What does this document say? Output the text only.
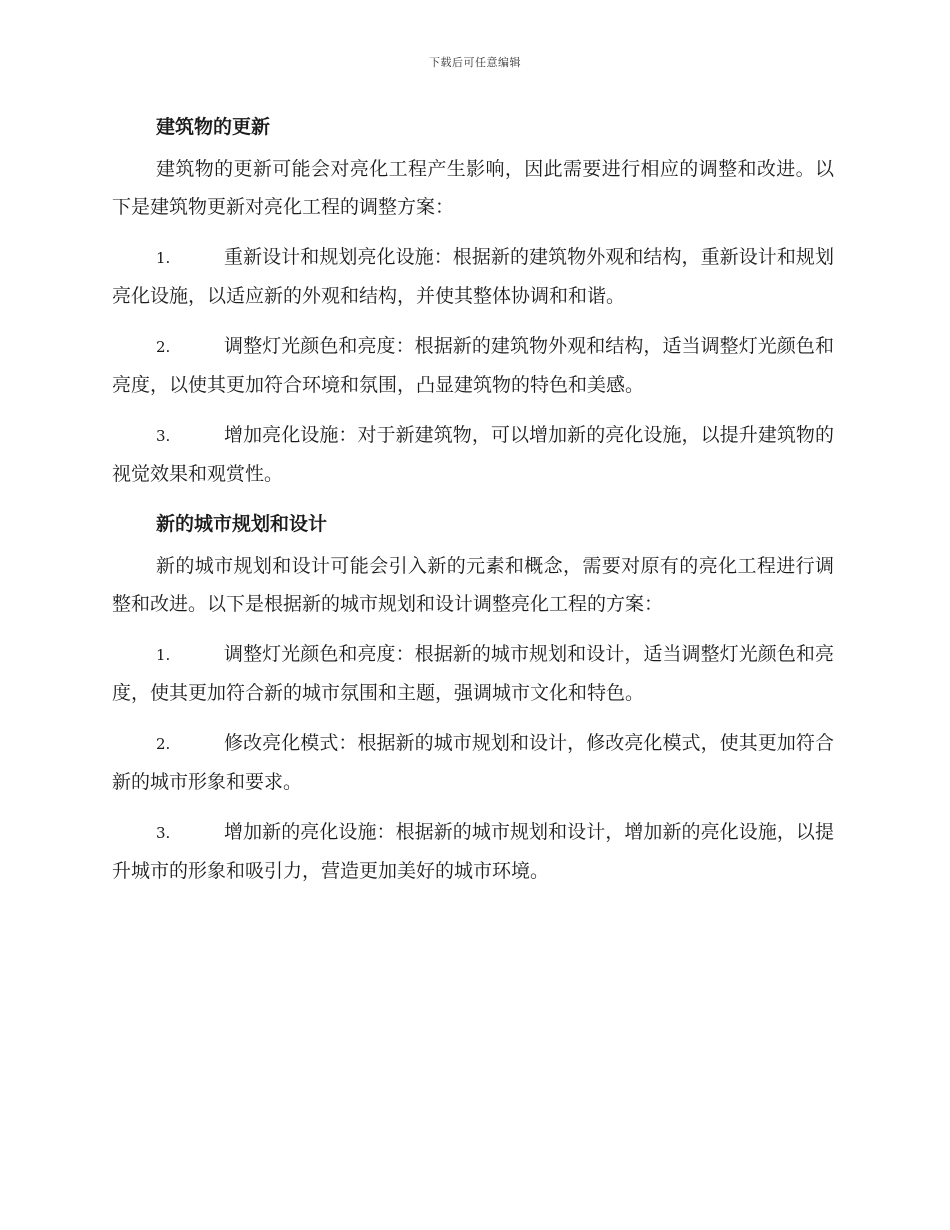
下载后可任意编辑

建筑物的更新

建筑物的更新可能会对亮化工程产生影响，因此需要进行相应的调整和改进。以下是建筑物更新对亮化工程的调整方案：

1.	重新设计和规划亮化设施：根据新的建筑物外观和结构，重新设计和规划亮化设施，以适应新的外观和结构，并使其整体协调和和谐。

2.	调整灯光颜色和亮度：根据新的建筑物外观和结构，适当调整灯光颜色和亮度，以使其更加符合环境和氛围，凸显建筑物的特色和美感。

3.	增加亮化设施：对于新建筑物，可以增加新的亮化设施，以提升建筑物的视觉效果和观赏性。

新的城市规划和设计

新的城市规划和设计可能会引入新的元素和概念，需要对原有的亮化工程进行调整和改进。以下是根据新的城市规划和设计调整亮化工程的方案：

1.	调整灯光颜色和亮度：根据新的城市规划和设计，适当调整灯光颜色和亮度，使其更加符合新的城市氛围和主题，强调城市文化和特色。

2.	修改亮化模式：根据新的城市规划和设计，修改亮化模式，使其更加符合新的城市形象和要求。

3.	增加新的亮化设施：根据新的城市规划和设计，增加新的亮化设施，以提升城市的形象和吸引力，营造更加美好的城市环境。
